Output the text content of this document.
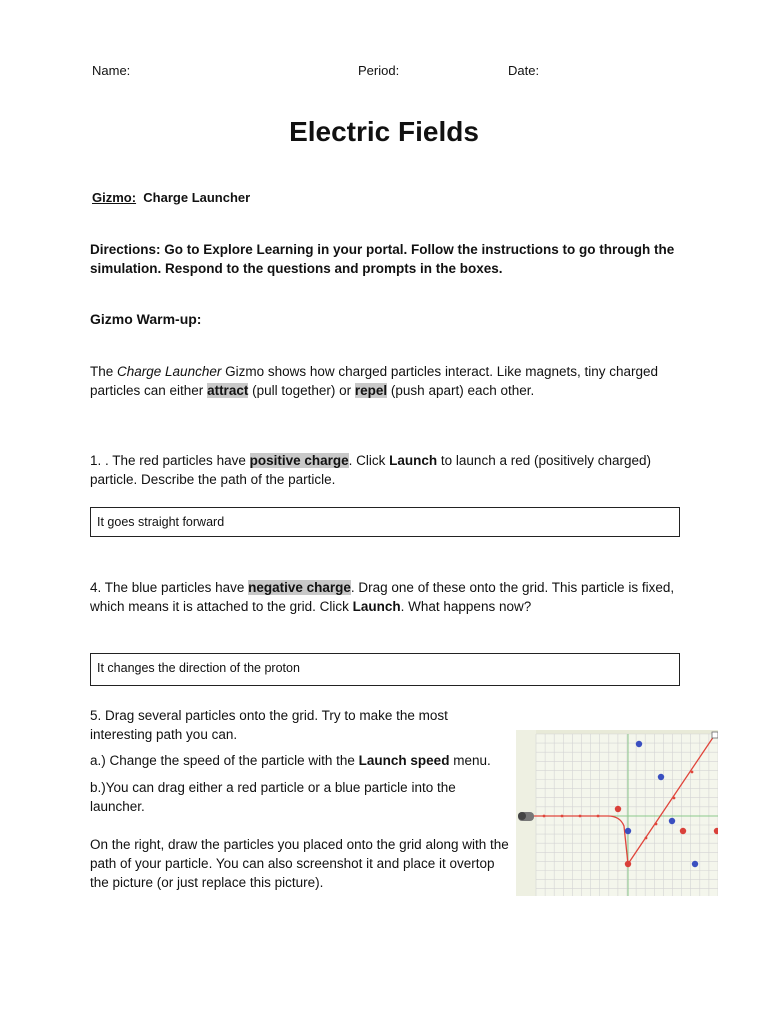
Name:	Period:	Date:
Electric Fields
Gizmo: Charge Launcher
Directions: Go to Explore Learning in your portal. Follow the instructions to go through the simulation. Respond to the questions and prompts in the boxes.
Gizmo Warm-up:
The Charge Launcher Gizmo shows how charged particles interact. Like magnets, tiny charged particles can either attract (pull together) or repel (push apart) each other.
1. . The red particles have positive charge. Click Launch to launch a red (positively charged) particle. Describe the path of the particle.
It goes straight forward
4. The blue particles have negative charge. Drag one of these onto the grid. This particle is fixed, which means it is attached to the grid. Click Launch. What happens now?
It changes the direction of the proton
5. Drag several particles onto the grid. Try to make the most interesting path you can.
a.) Change the speed of the particle with the Launch speed menu.
b.)You can drag either a red particle or a blue particle into the launcher.
On the right, draw the particles you placed onto the grid along with the path of your particle. You can also screenshot it and place it overtop the picture (or just replace this picture).
